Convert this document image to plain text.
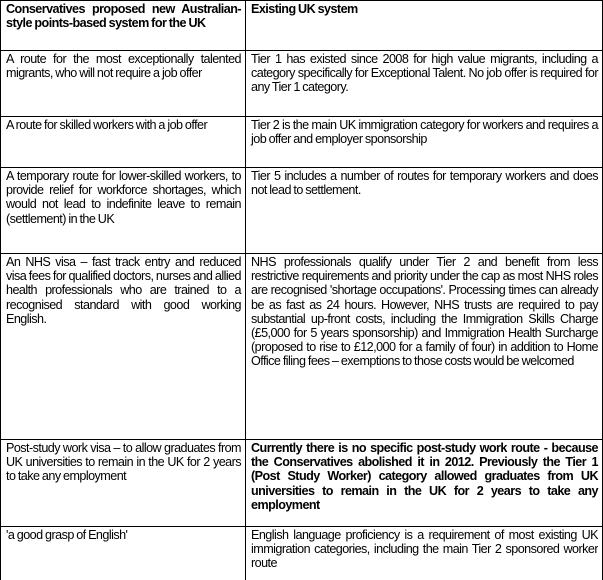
Conservatives proposed new Australian-style points-based system for the UK	Existing UK system
A route for the most exceptionally talented migrants, who will not require a job offer	Tier 1 has existed since 2008 for high value migrants, including a category specifically for Exceptional Talent. No job offer is required for any Tier 1 category.
A route for skilled workers with a job offer	Tier 2 is the main UK immigration category for workers and requires a job offer and employer sponsorship
A temporary route for lower-skilled workers, to provide relief for workforce shortages, which would not lead to indefinite leave to remain (settlement) in the UK	Tier 5 includes a number of routes for temporary workers and does not lead to settlement.
An NHS visa – fast track entry and reduced visa fees for qualified doctors, nurses and allied health professionals who are trained to a recognised standard with good working English.	NHS professionals qualify under Tier 2 and benefit from less restrictive requirements and priority under the cap as most NHS roles are recognised 'shortage occupations'. Processing times can already be as fast as 24 hours. However, NHS trusts are required to pay substantial up-front costs, including the Immigration Skills Charge (£5,000 for 5 years sponsorship) and Immigration Health Surcharge (proposed to rise to £12,000 for a family of four) in addition to Home Office filing fees – exemptions to those costs would be welcomed
Post-study work visa – to allow graduates from UK universities to remain in the UK for 2 years to take any employment	Currently there is no specific post-study work route - because the Conservatives abolished it in 2012. Previously the Tier 1 (Post Study Worker) category allowed graduates from UK universities to remain in the UK for 2 years to take any employment
'a good grasp of English'	English language proficiency is a requirement of most existing UK immigration categories, including the main Tier 2 sponsored worker route
